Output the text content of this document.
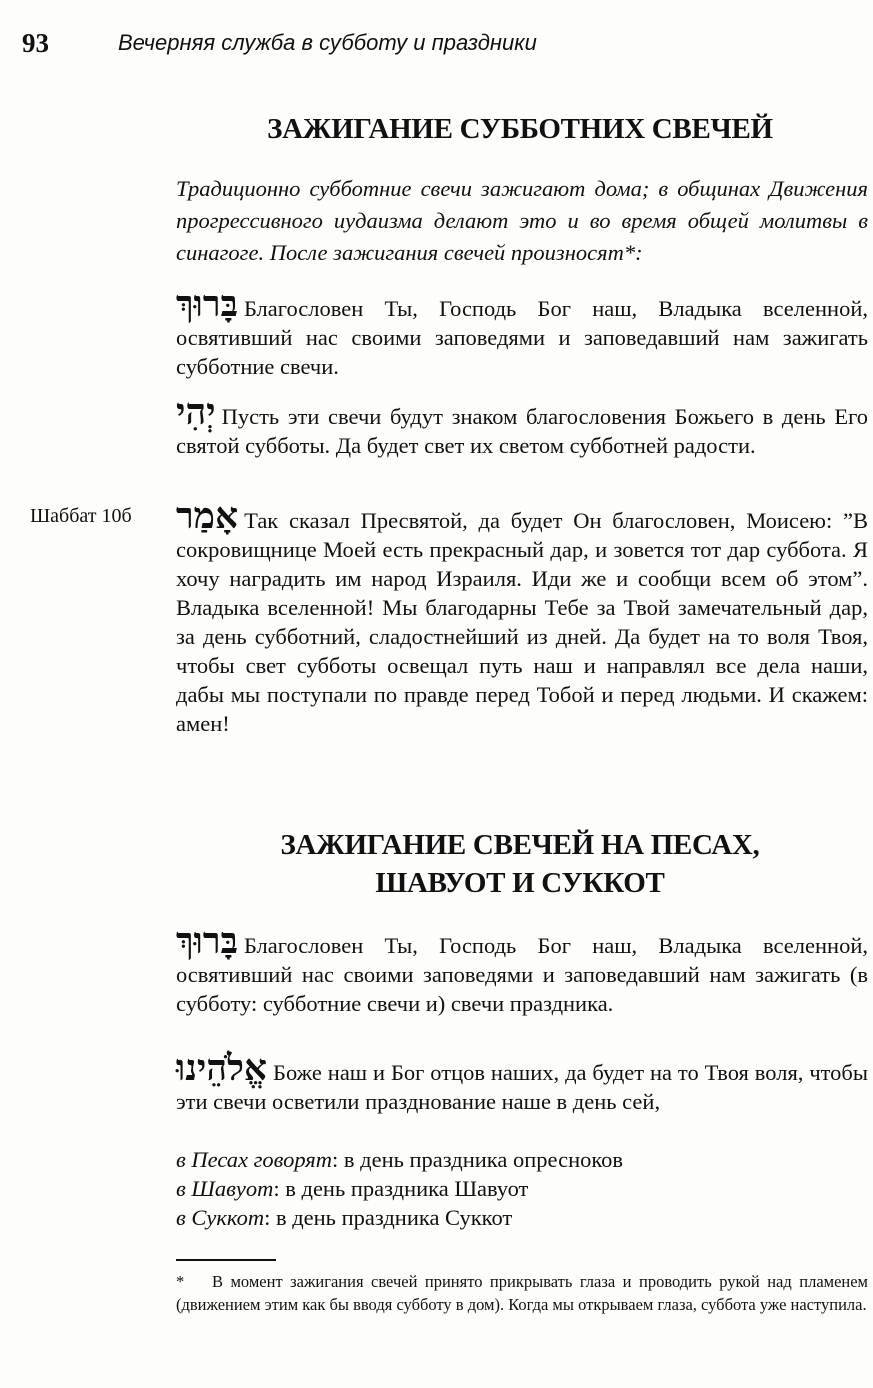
93	Вечерняя служба в субботу и праздники
ЗАЖИГАНИЕ СУББОТНИХ СВЕЧЕЙ
Традиционно субботние свечи зажигают дома; в общинах Движения прогрессивного иудаизма делают это и во время общей молитвы в синагоге. После зажигания свечей произносят*:
בָּרוּךְ Благословен Ты, Господь Бог наш, Владыка вселенной, освятивший нас своими заповедями и заповедавший нам зажигать субботние свечи.
יְהִי Пусть эти свечи будут знаком благословения Божьего в день Его святой субботы. Да будет свет их светом субботней радости.
Шаббат 10б אָמַר Так сказал Пресвятой, да будет Он благословен, Моисею: ”В сокровищнице Моей есть прекрасный дар, и зовется тот дар суббота. Я хочу наградить им народ Израиля. Иди же и сообщи всем об этом”. Владыка вселенной! Мы благодарны Тебе за Твой замечательный дар, за день субботний, сладостнейший из дней. Да будет на то воля Твоя, чтобы свет субботы освещал путь наш и направлял все дела наши, дабы мы поступали по правде перед Тобой и перед людьми. И скажем: амен!
ЗАЖИГАНИЕ СВЕЧЕЙ НА ПЕСАХ,
ШАВУОТ И СУККОТ
בָּרוּךְ Благословен Ты, Господь Бог наш, Владыка вселенной, освятивший нас своими заповедями и заповедавший нам зажигать (в субботу: субботние свечи и) свечи праздника.
אֱלֹהֵינוּ Боже наш и Бог отцов наших, да будет на то Твоя воля, чтобы эти свечи осветили празднование наше в день сей,
в Песах говорят: в день праздника опресноков
в Шавуот: в день праздника Шавуот
в Суккот: в день праздника Суккот
* В момент зажигания свечей принято прикрывать глаза и проводить рукой над пламенем (движением этим как бы вводя субботу в дом). Когда мы открываем глаза, суббота уже наступила.
